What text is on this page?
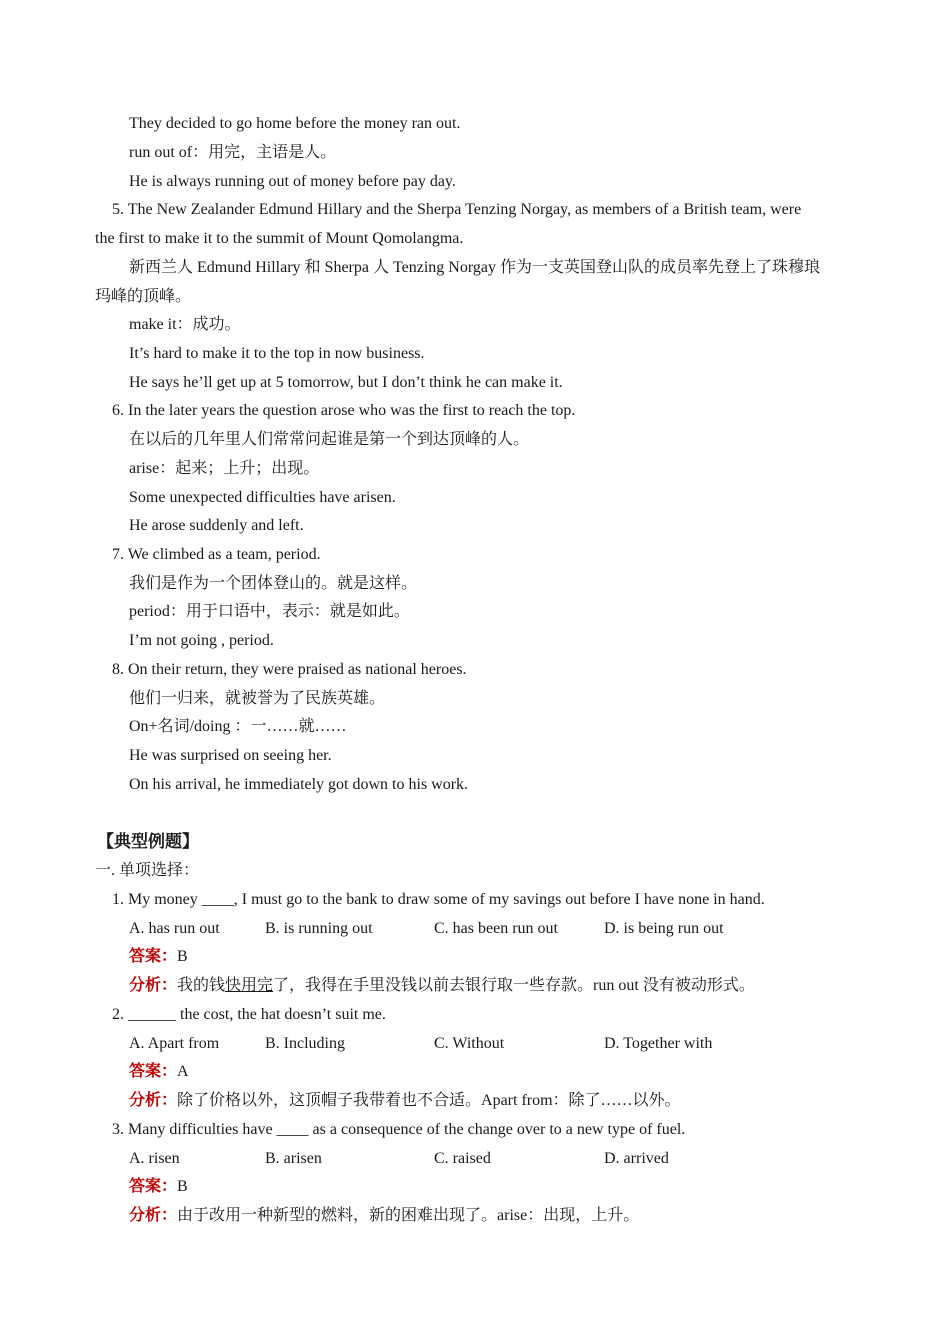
They decided to go home before the money ran out.
run out of：用完，主语是人。
He is always running out of money before pay day.
5. The New Zealander Edmund Hillary and the Sherpa Tenzing Norgay, as members of a British team, were
the first to make it to the summit of Mount Qomolangma.
新西兰人 Edmund Hillary 和 Sherpa 人 Tenzing Norgay 作为一支英国登山队的成员率先登上了珠穆琅
玛峰的顶峰。
make it：成功。
It’s hard to make it to the top in now business.
He says he’ll get up at 5 tomorrow, but I don’t think he can make it.
6. In the later years the question arose who was the first to reach the top.
在以后的几年里人们常常问起谁是第一个到达顶峰的人。
arise：起来；上升；出现。
Some unexpected difficulties have arisen.
He arose suddenly and left.
7. We climbed as a team, period.
我们是作为一个团体登山的。就是这样。
period：用于口语中，表示：就是如此。
I’m not going , period.
8. On their return, they were praised as national heroes.
他们一归来，就被誉为了民族英雄。
On+名词/doing ：一……就……
He was surprised on seeing her.
On his arrival, he immediately got down to his work.
【典型例题】
一. 单项选择：
1. My money ____, I must go to the bank to draw some of my savings out before I have none in hand.
A. has run out	B. is running out	C. has been run out	D. is being run out
答案：B
分析：我的钱快用完了，我得在手里没钱以前去银行取一些存款。run out 没有被动形式。
2. ______ the cost, the hat doesn’t suit me.
A. Apart from	B. Including	C. Without	D. Together with
答案：A
分析：除了价格以外，这顶帽子我带着也不合适。Apart from：除了……以外。
3. Many difficulties have ____ as a consequence of the change over to a new type of fuel.
A. risen	B. arisen	C. raised	D. arrived
答案：B
分析：由于改用一种新型的燃料，新的困难出现了。arise：出现，上升。
